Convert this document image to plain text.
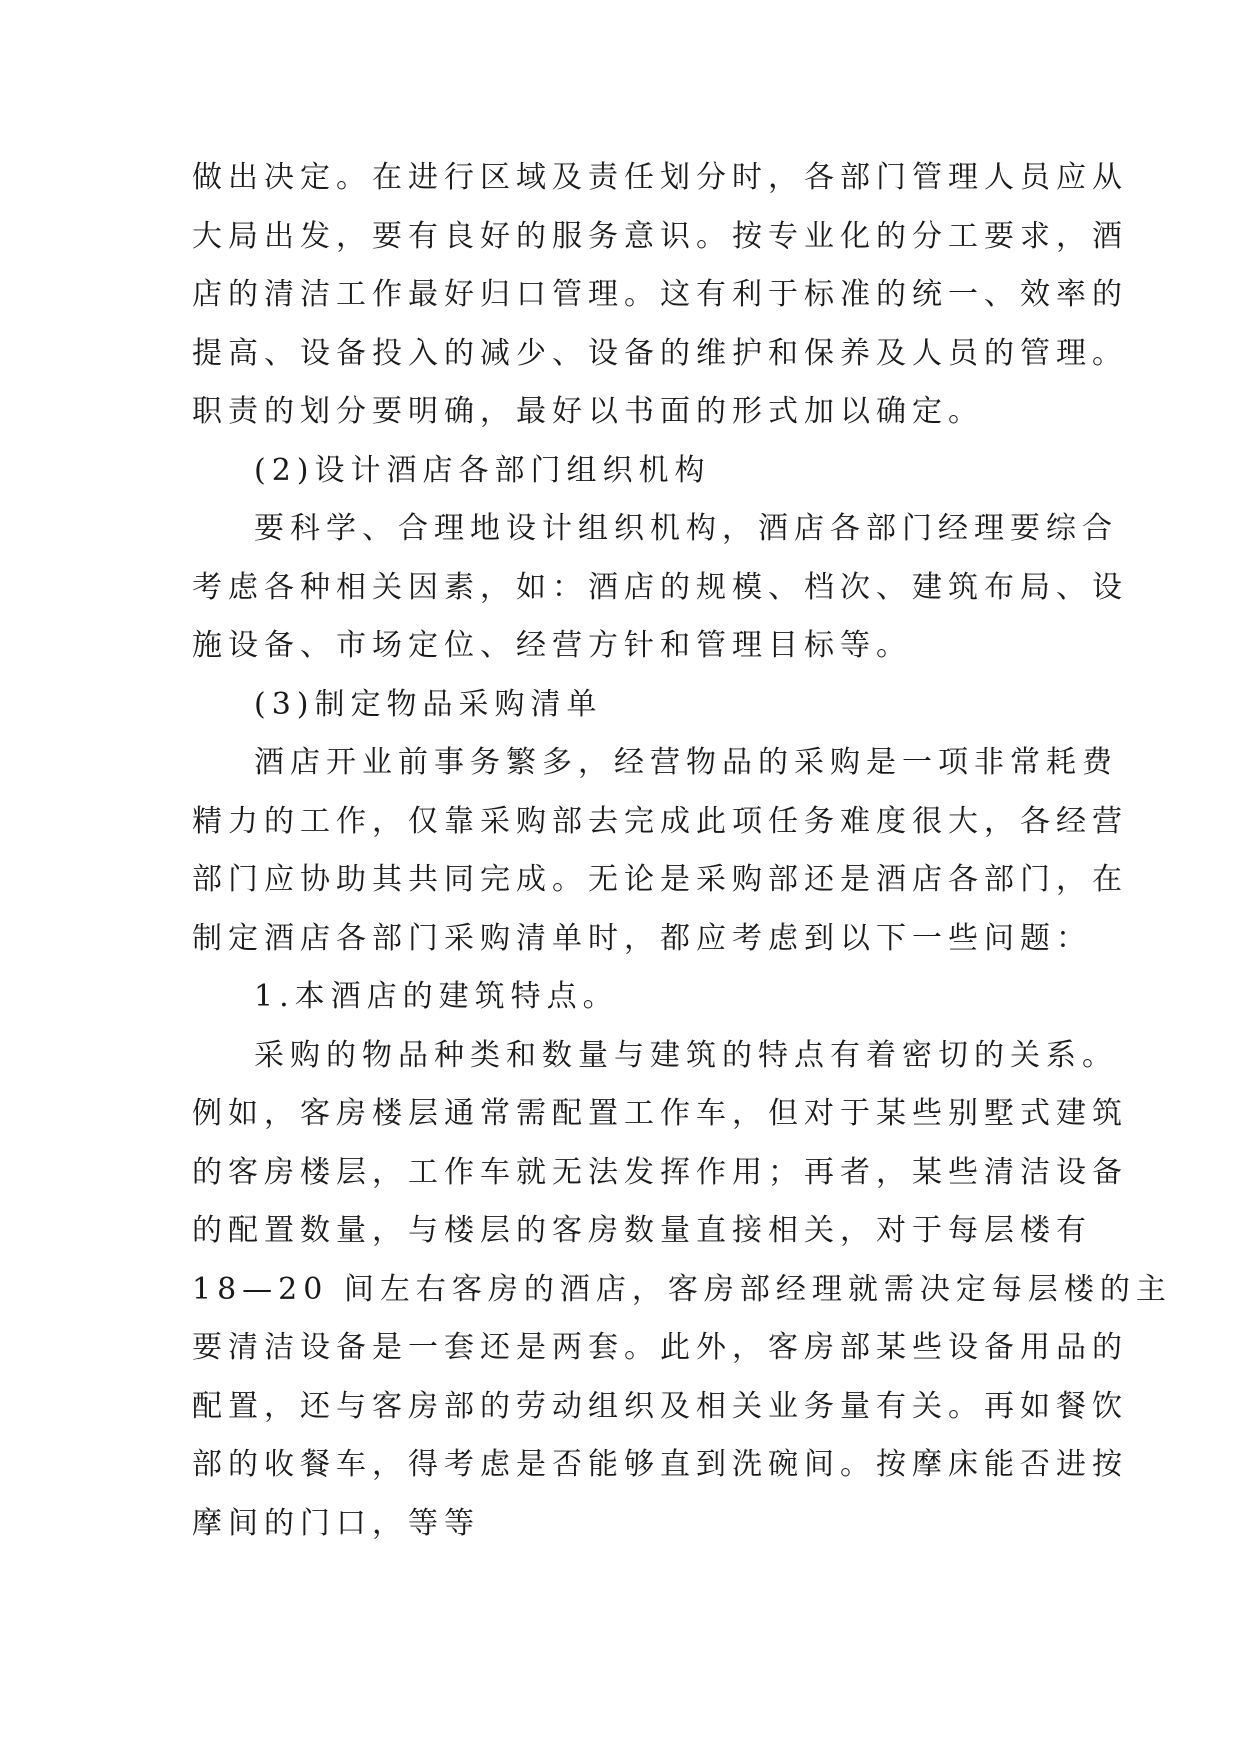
做出决定。在进行区域及责任划分时，各部门管理人员应从
大局出发，要有良好的服务意识。按专业化的分工要求，酒
店的清洁工作最好归口管理。这有利于标准的统一、效率的
提高、设备投入的减少、设备的维护和保养及人员的管理。
职责的划分要明确，最好以书面的形式加以确定。
(2)设计酒店各部门组织机构
要科学、合理地设计组织机构，酒店各部门经理要综合
考虑各种相关因素，如：酒店的规模、档次、建筑布局、设
施设备、市场定位、经营方针和管理目标等。
(3)制定物品采购清单
酒店开业前事务繁多，经营物品的采购是一项非常耗费
精力的工作，仅靠采购部去完成此项任务难度很大，各经营
部门应协助其共同完成。无论是采购部还是酒店各部门，在
制定酒店各部门采购清单时，都应考虑到以下一些问题：
1.本酒店的建筑特点。
采购的物品种类和数量与建筑的特点有着密切的关系。
例如，客房楼层通常需配置工作车，但对于某些别墅式建筑
的客房楼层，工作车就无法发挥作用；再者，某些清洁设备
的配置数量，与楼层的客房数量直接相关，对于每层楼有
18—20 间左右客房的酒店，客房部经理就需决定每层楼的主
要清洁设备是一套还是两套。此外，客房部某些设备用品的
配置，还与客房部的劳动组织及相关业务量有关。再如餐饮
部的收餐车，得考虑是否能够直到洗碗间。按摩床能否进按
摩间的门口，等等
